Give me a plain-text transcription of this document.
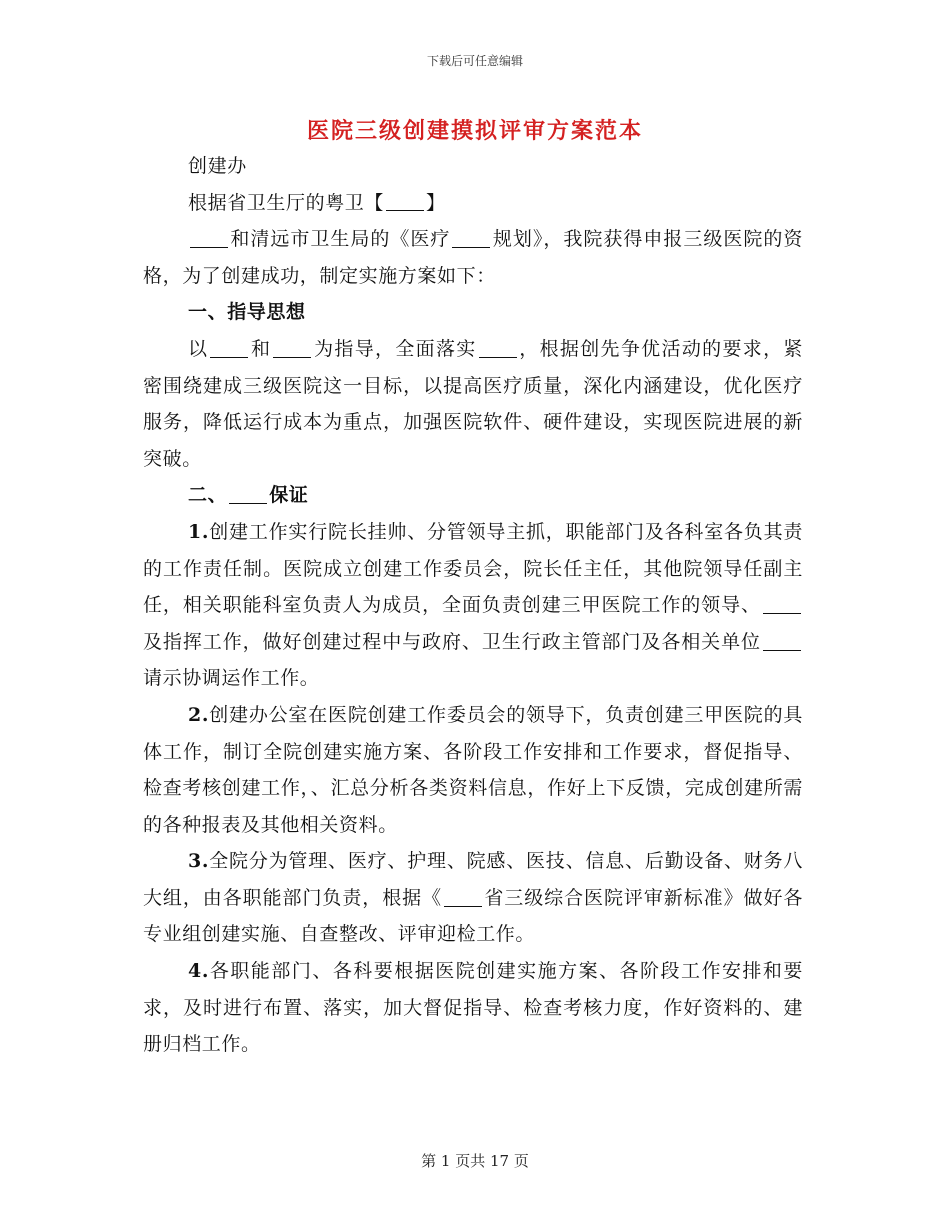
下载后可任意编辑
医院三级创建摸拟评审方案范本

创建办

根据省卫生厅的粤卫【 】

和清远市卫生局的《医疗 规划》，我院获得申报三级医院的资格，为了创建成功，制定实施方案如下：

一、指导思想

以 和 为指导，全面落实 ，根据创先争优活动的要求，紧密围绕建成三级医院这一目标，以提高医疗质量，深化内涵建设，优化医疗服务，降低运行成本为重点，加强医院软件、硬件建设，实现医院进展的新突破。

二、 保证

1.创建工作实行院长挂帅、分管领导主抓，职能部门及各科室各负其责的工作责任制。医院成立创建工作委员会，院长任主任，其他院领导任副主任，相关职能科室负责人为成员，全面负责创建三甲医院工作的领导、及指挥工作，做好创建过程中与政府、卫生行政主管部门及各相关单位请示协调运作工作。

2.创建办公室在医院创建工作委员会的领导下，负责创建三甲医院的具体工作，制订全院创建实施方案、各阶段工作安排和工作要求，督促指导、检查考核创建工作，、汇总分析各类资料信息，作好上下反馈，完成创建所需的各种报表及其他相关资料。

3.全院分为管理、医疗、护理、院感、医技、信息、后勤设备、财务八大组，由各职能部门负责，根据《 省三级综合医院评审新标准》做好各专业组创建实施、自查整改、评审迎检工作。

4.各职能部门、各科要根据医院创建实施方案、各阶段工作安排和要求，及时进行布置、落实，加大督促指导、检查考核力度，作好资料的、建册归档工作。

第 1 页共 17 页
